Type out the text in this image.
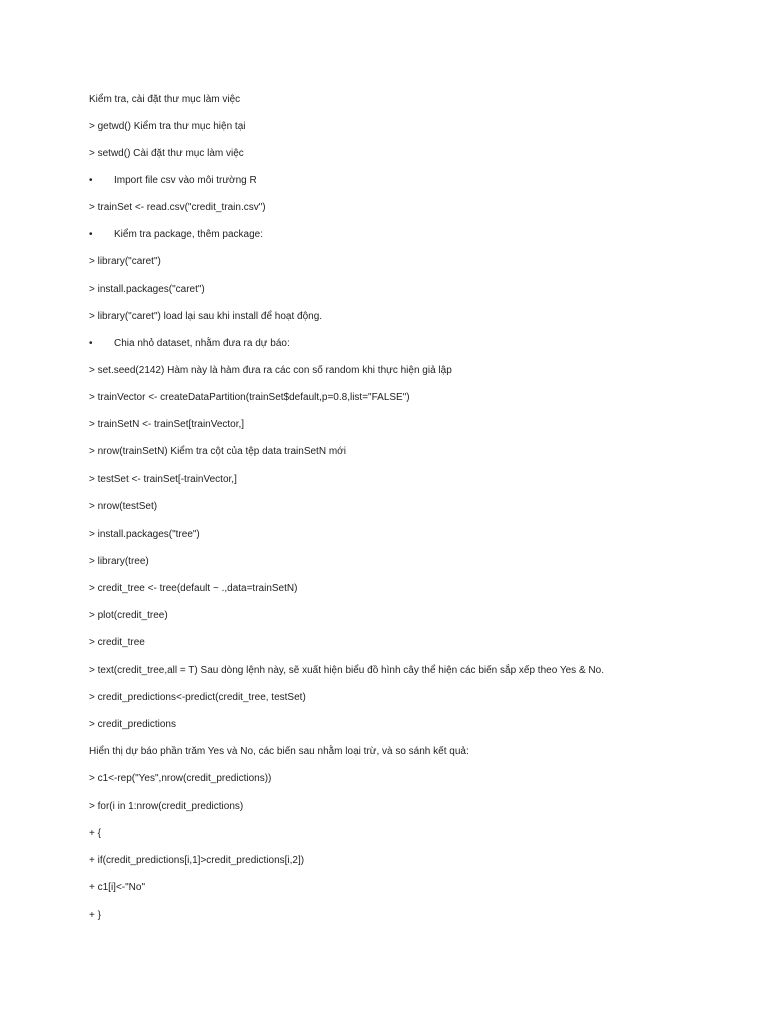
Kiểm tra, cài đặt thư mục làm việc
> getwd() Kiểm tra thư mục hiện tại
> setwd() Cài đặt thư mục làm việc
• Import file csv vào môi trường R
> trainSet <- read.csv("credit_train.csv")
• Kiểm tra package, thêm package:
> library("caret")
> install.packages("caret")
> library("caret") load lại sau khi install để hoạt động.
• Chia nhỏ dataset, nhằm đưa ra dự báo:
> set.seed(2142) Hàm này là hàm đưa ra các con số random khi thực hiện giả lập
> trainVector <- createDataPartition(trainSet$default,p=0.8,list="FALSE")
> trainSetN <- trainSet[trainVector,]
> nrow(trainSetN) Kiểm tra cột của tệp data trainSetN mới
> testSet <- trainSet[-trainVector,]
> nrow(testSet)
> install.packages("tree")
> library(tree)
> credit_tree <- tree(default ~ .,data=trainSetN)
> plot(credit_tree)
> credit_tree
> text(credit_tree,all = T) Sau dòng lệnh này, sẽ xuất hiện biểu đồ hình cây thể hiện các biến sắp xếp theo Yes & No.
> credit_predictions<-predict(credit_tree, testSet)
> credit_predictions
Hiển thị dự báo phần trăm Yes và No, các biến sau nhằm loại trừ, và so sánh kết quả:
> c1<-rep("Yes",nrow(credit_predictions))
> for(i in 1:nrow(credit_predictions)
+ {
+ if(credit_predictions[i,1]>credit_predictions[i,2])
+ c1[i]<-"No"
+ }
